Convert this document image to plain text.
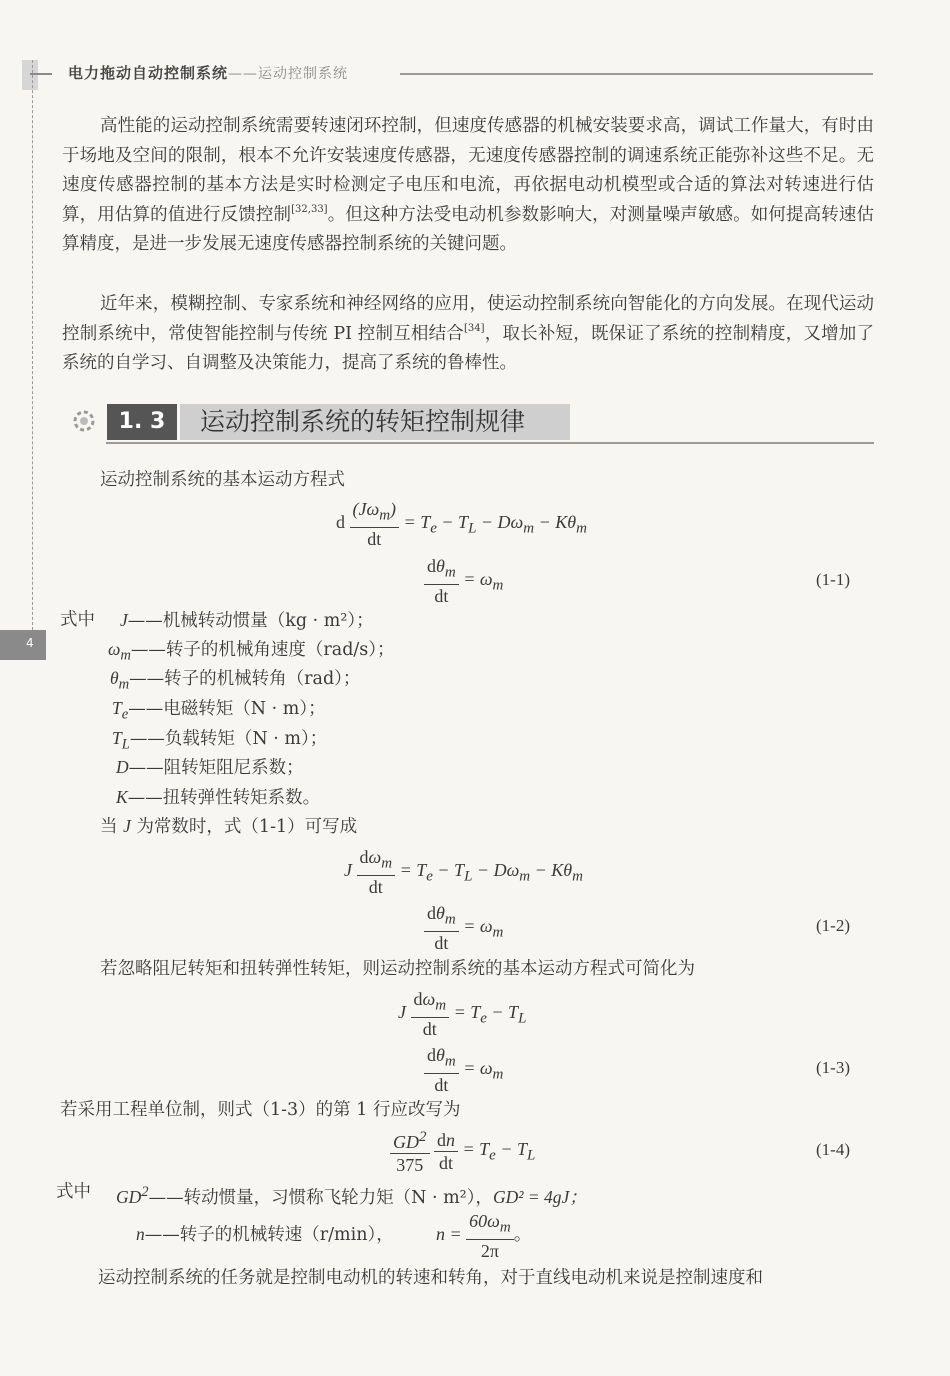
电力拖动自动控制系统——运动控制系统
4

高性能的运动控制系统需要转速闭环控制，但速度传感器的机械安装要求高，调试工作量大，有时由于场地及空间的限制，根本不允许安装速度传感器，无速度传感器控制的调速系统正能弥补这些不足。无速度传感器控制的基本方法是实时检测定子电压和电流，再依据电动机模型或合适的算法对转速进行估算，用估算的值进行反馈控制[32,33]。但这种方法受电动机参数影响大，对测量噪声敏感。如何提高转速估算精度，是进一步发展无速度传感器控制系统的关键问题。

近年来，模糊控制、专家系统和神经网络的应用，使运动控制系统向智能化的方向发展。在现代运动控制系统中，常使智能控制与传统 PI 控制互相结合[34]，取长补短，既保证了系统的控制精度，又增加了系统的自学习、自调整及决策能力，提高了系统的鲁棒性。

1. 3	运动控制系统的转矩控制规律
运动控制系统的基本运动方程式
d $\frac{(J\omega_m)}{dt} = T_e - T_L - D\omega_m - K\theta_m$
$\frac{d\theta_m}{dt} = \omega_m$	(1-1)
式中 J——机械转动惯量（kg · m²）；
$\omega_m——$转子的机械角速度（rad/s）；
$\theta_m——$转子的机械转角（rad）；
$T_e——$电磁转矩（N · m）；
$T_L——$负载转矩（N · m）；
D——阻转矩阻尼系数；
K——扭转弹性转矩系数。
当 J 为常数时，式（1-1）可写成
J $\frac{d\omega_m}{dt} = T_e - T_L - D\omega_m - K\theta_m$
$\frac{d\theta_m}{dt} = \omega_m$	(1-2)
若忽略阻尼转矩和扭转弹性转矩，则运动控制系统的基本运动方程式可简化为
J $\frac{d\omega_m}{dt} = T_e - T_L$
$\frac{d\theta_m}{dt} = \omega_m$	(1-3)
若采用工程单位制，则式（1-3）的第 1 行应改写为
$\frac{GD^2}{375}$
$\frac{dn}{dt} = T_e - T_L$	(1-4)
式中 $GD^2——$转动惯量，习惯称飞轮力矩（N · m²），GD² = 4gJ；
n——转子的机械转速（r/min）， $n = \frac{60\omega_m}{2\pi}$ 。
运动控制系统的任务就是控制电动机的转速和转角，对于直线电动机来说是控制速度和
